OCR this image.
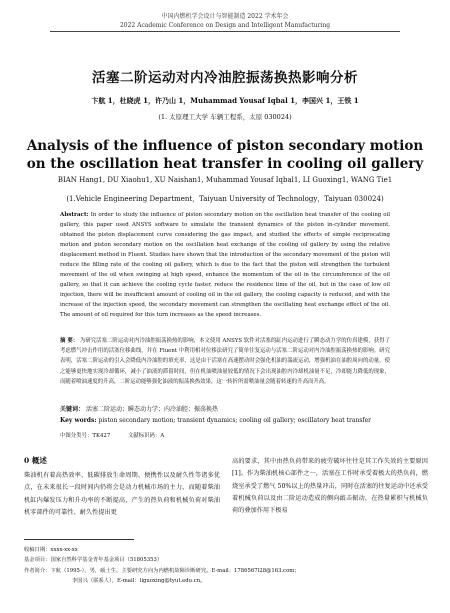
中国内燃机学会设计与智能制造 2022 学术年会
2022 Academic Conference on Design and Intelligent Manufacturing
活塞二阶运动对内冷油腔振荡换热影响分析
卞航 1，杜晓虎 1，许乃山 1，Muhammad Yousaf Iqbal 1，李国兴 1，王铁 1
(1. 太原理工大学 车辆工程系，太原 030024)
Analysis of the influence of piston secondary motion
on the oscillation heat transfer in cooling oil gallery
BIAN Hang1, DU Xiaohu1, XU Naishan1, Muhammad Yousaf Iqbal1, LI Guoxing1, WANG Tie1
(1.Vehicle Engineering Department，Taiyuan University of Technology，Taiyuan 030024)
Abstract: In order to study the influence of piston secondary motion on the oscillation heat transfer of the cooling oil gallery, this paper used ANSYS software to simulate the transient dynamics of the piston in-cylinder movement, obtained the piston displacement curve considering the gas impact, and studied the effects of simple reciprocating motion and piston secondary motion on the oscillation heat exchange of the cooling oil gallery by using the relative displacement method in Fluent. Studies have shown that the introduction of the secondary movement of the piston will reduce the filling rate of the cooling oil gallery, which is due to the fact that the piston will strengthen the turbulent movement of the oil when swinging at high speed, enhance the momentum of the oil in the circumference of the oil gallery, so that it can achieve the cooling cycle faster, reduce the residence time of the oil, but in the case of low oil injection, there will be insufficient amount of cooling oil in the oil gallery, the cooling capacity is reduced, and with the increase of the injection speed, the secondary movement can strengthen the oscillating heat exchange effect of the oil. The amount of oil required for this turn increases as the speed increases.
摘 要： 为研究活塞二阶运动对内冷油腔振荡换热的影响，本文使用 ANSYS 软件对活塞的缸内运动进行了瞬态动力学的仿真建模，获得了考虑燃气冲击作用的活塞位移曲线，并在 Fluent 中利用相对位移法研究了简单往复运动与活塞二阶运动对内冷油腔振荡换热的影响。研究表明，活塞二阶运动的引入会降低内冷油腔的填充率，这是由于活塞在高速摆动时会强化机油的湍流运动，增强机油在油腔周向的动量，使之能够更快地实现冷却循环，减小了油液的滞留时间，但在机油喷油量较低的情况下会出现油腔内冷却机油量不足，冷却能力降低的现象，而随着喷油速度的升高，二阶运动能够强化油液的振荡换热效果，这一转折所需喷油量会随着转速的升高而升高。
关键词： 活塞二阶运动；瞬态动力学；内冷油腔；振荡换热
Key words: piston secondary motion; transient dynamics; cooling oil gallery; oscillatory heat transfer
中图分类号：TK427	文献标识码：A
0 概述
柴油机有着高热效率、低碳排放生命周期、便携性以及耐久性等诸多优点，在未来很长一段时间内仍将会是动力机械市场的主力，而随着柴油机缸内爆发压力和升功率的不断提高，产生的热负荷和机械负荷对柴油机零部件的可靠性、耐久性提出更
高的要求，其中由热负荷带来的疲劳破坏往往是其工作失效的主要原因[1]。作为柴油机核心部件之一，活塞在工作时承受着极大的热负荷，燃烧室承受了燃气 50%以上的热量冲击，同时在活塞的往复运动中还承受着机械负荷以及由二阶运动造成的侧向敲击振动，在热量累积与机械负荷的叠加作用下极易
收稿日期：xxxx-xx-xx
基金项目：国家自然科学基金青年基金项目（51805353）
作者简介：卞航（1995-），男，硕士生，主要研究方向为内燃机故障诊断研究。E-mail：1786567l28@163.com；
李国兴（联系人），E-mail：liguoxing@tyut.edu.cn。
